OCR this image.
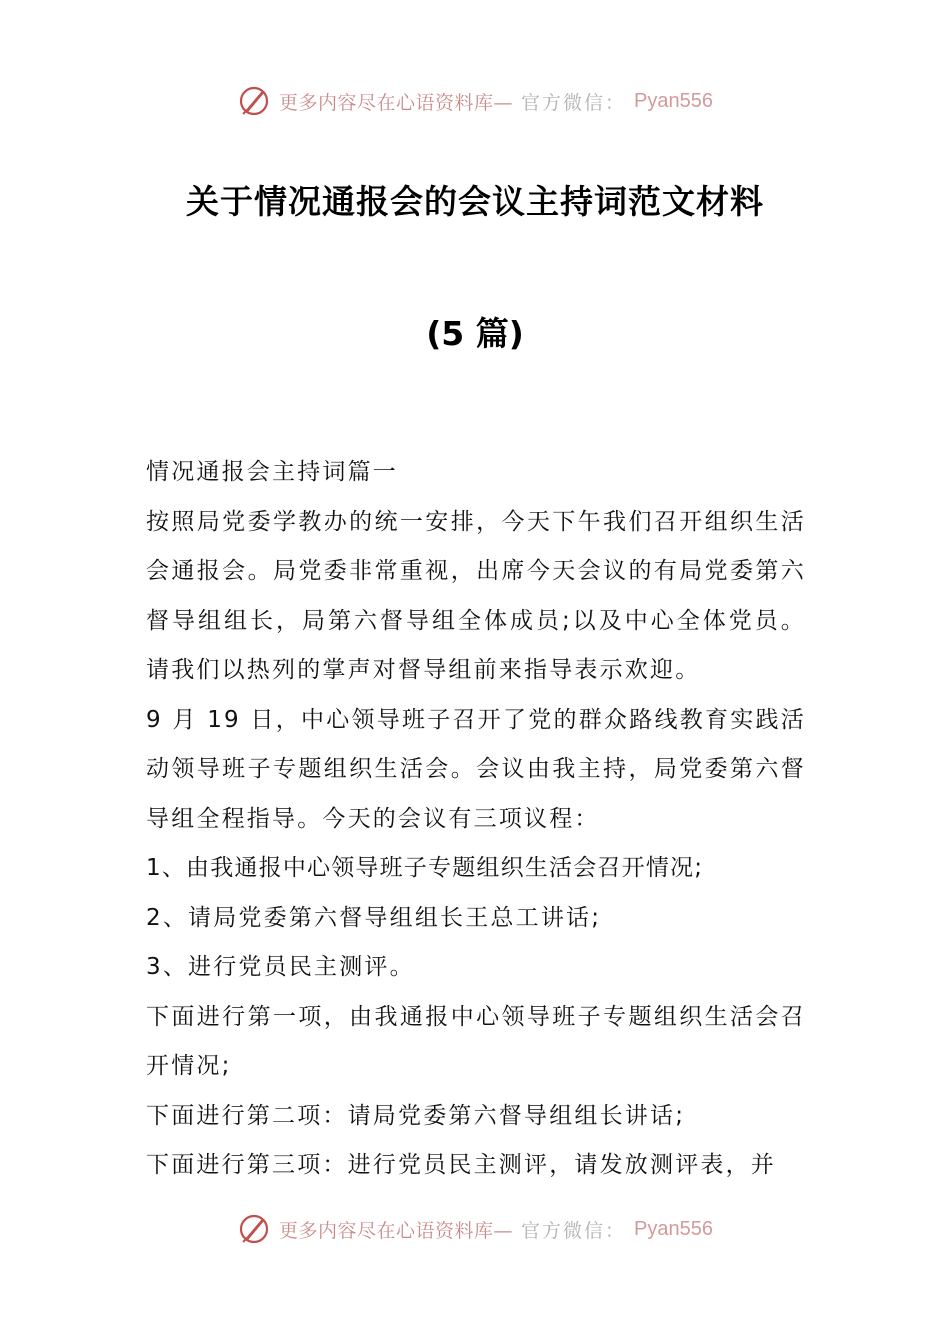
更多内容尽在心语资料库— 官方微信： Pyan556
关于情况通报会的会议主持词范文材料
(5 篇)

情况通报会主持词篇一

按照局党委学教办的统一安排，今天下午我们召开组织生活会通报会。局党委非常重视，出席今天会议的有局党委第六督导组组长，局第六督导组全体成员;以及中心全体党员。请我们以热列的掌声对督导组前来指导表示欢迎。

9 月 19 日，中心领导班子召开了党的群众路线教育实践活动领导班子专题组织生活会。会议由我主持，局党委第六督导组全程指导。今天的会议有三项议程：

1、由我通报中心领导班子专题组织生活会召开情况;

2、请局党委第六督导组组长王总工讲话;

3、进行党员民主测评。

下面进行第一项，由我通报中心领导班子专题组织生活会召开情况;

下面进行第二项：请局党委第六督导组组长讲话;

下面进行第三项：进行党员民主测评，请发放测评表，并

更多内容尽在心语资料库— 官方微信： Pyan556
